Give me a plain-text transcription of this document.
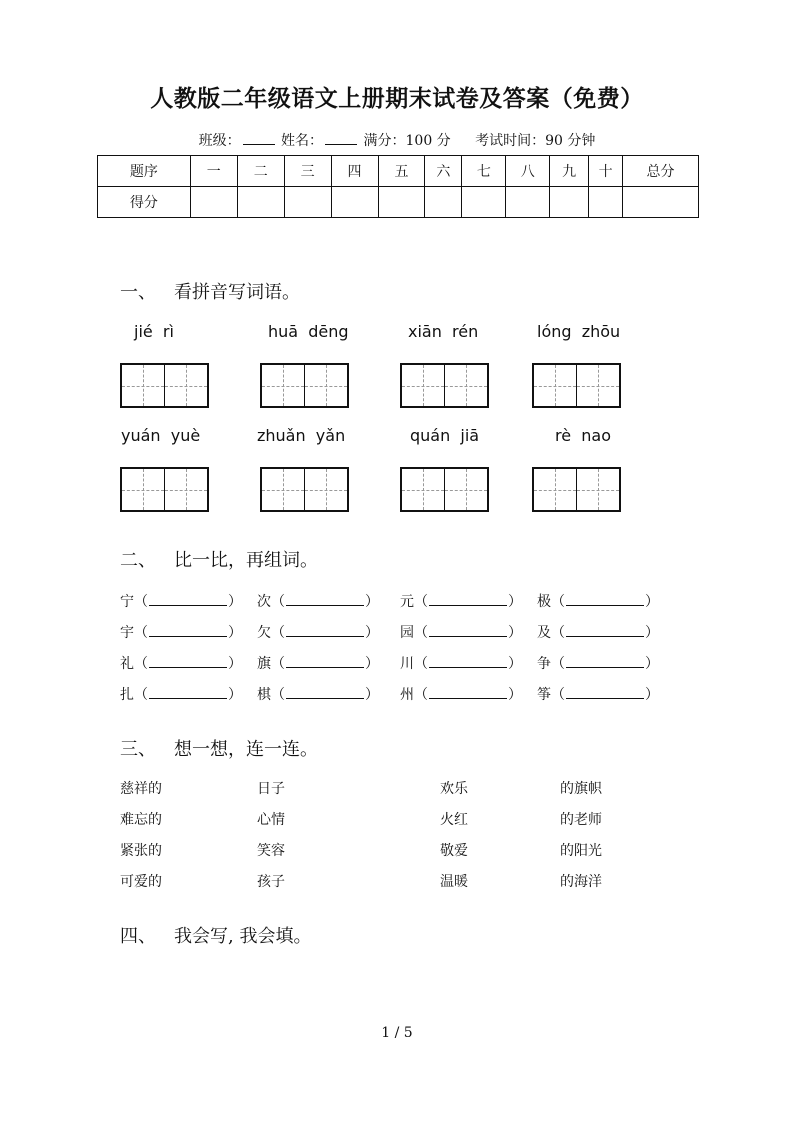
人教版二年级语文上册期末试卷及答案（免费）
班级：	姓名：	满分：100 分 考试时间：90 分钟
题序	一	二	三	四	五	六	七	八	九	十	总分
得分											
一、 看拼音写词语。
jié  rì	huā  dēng	xiān  rén	lóng  zhōu
yuán  yuè	zhuǎn  yǎn	quán  jiā	rè  nao
二、 比一比，再组词。
宁（	） 次（	） 元（	） 极（	）
宇（	） 欠（	） 园（	） 及（	）
礼（	） 旗（	） 川（	） 争（	）
扎（	） 棋（	） 州（	） 筝（	）
三、 想一想，连一连。
慈祥的	日子	欢乐	的旗帜
难忘的	心情	火红	的老师
紧张的	笑容	敬爱	的阳光
可爱的	孩子	温暖	的海洋
四、 我会写, 我会填。
1 / 5
